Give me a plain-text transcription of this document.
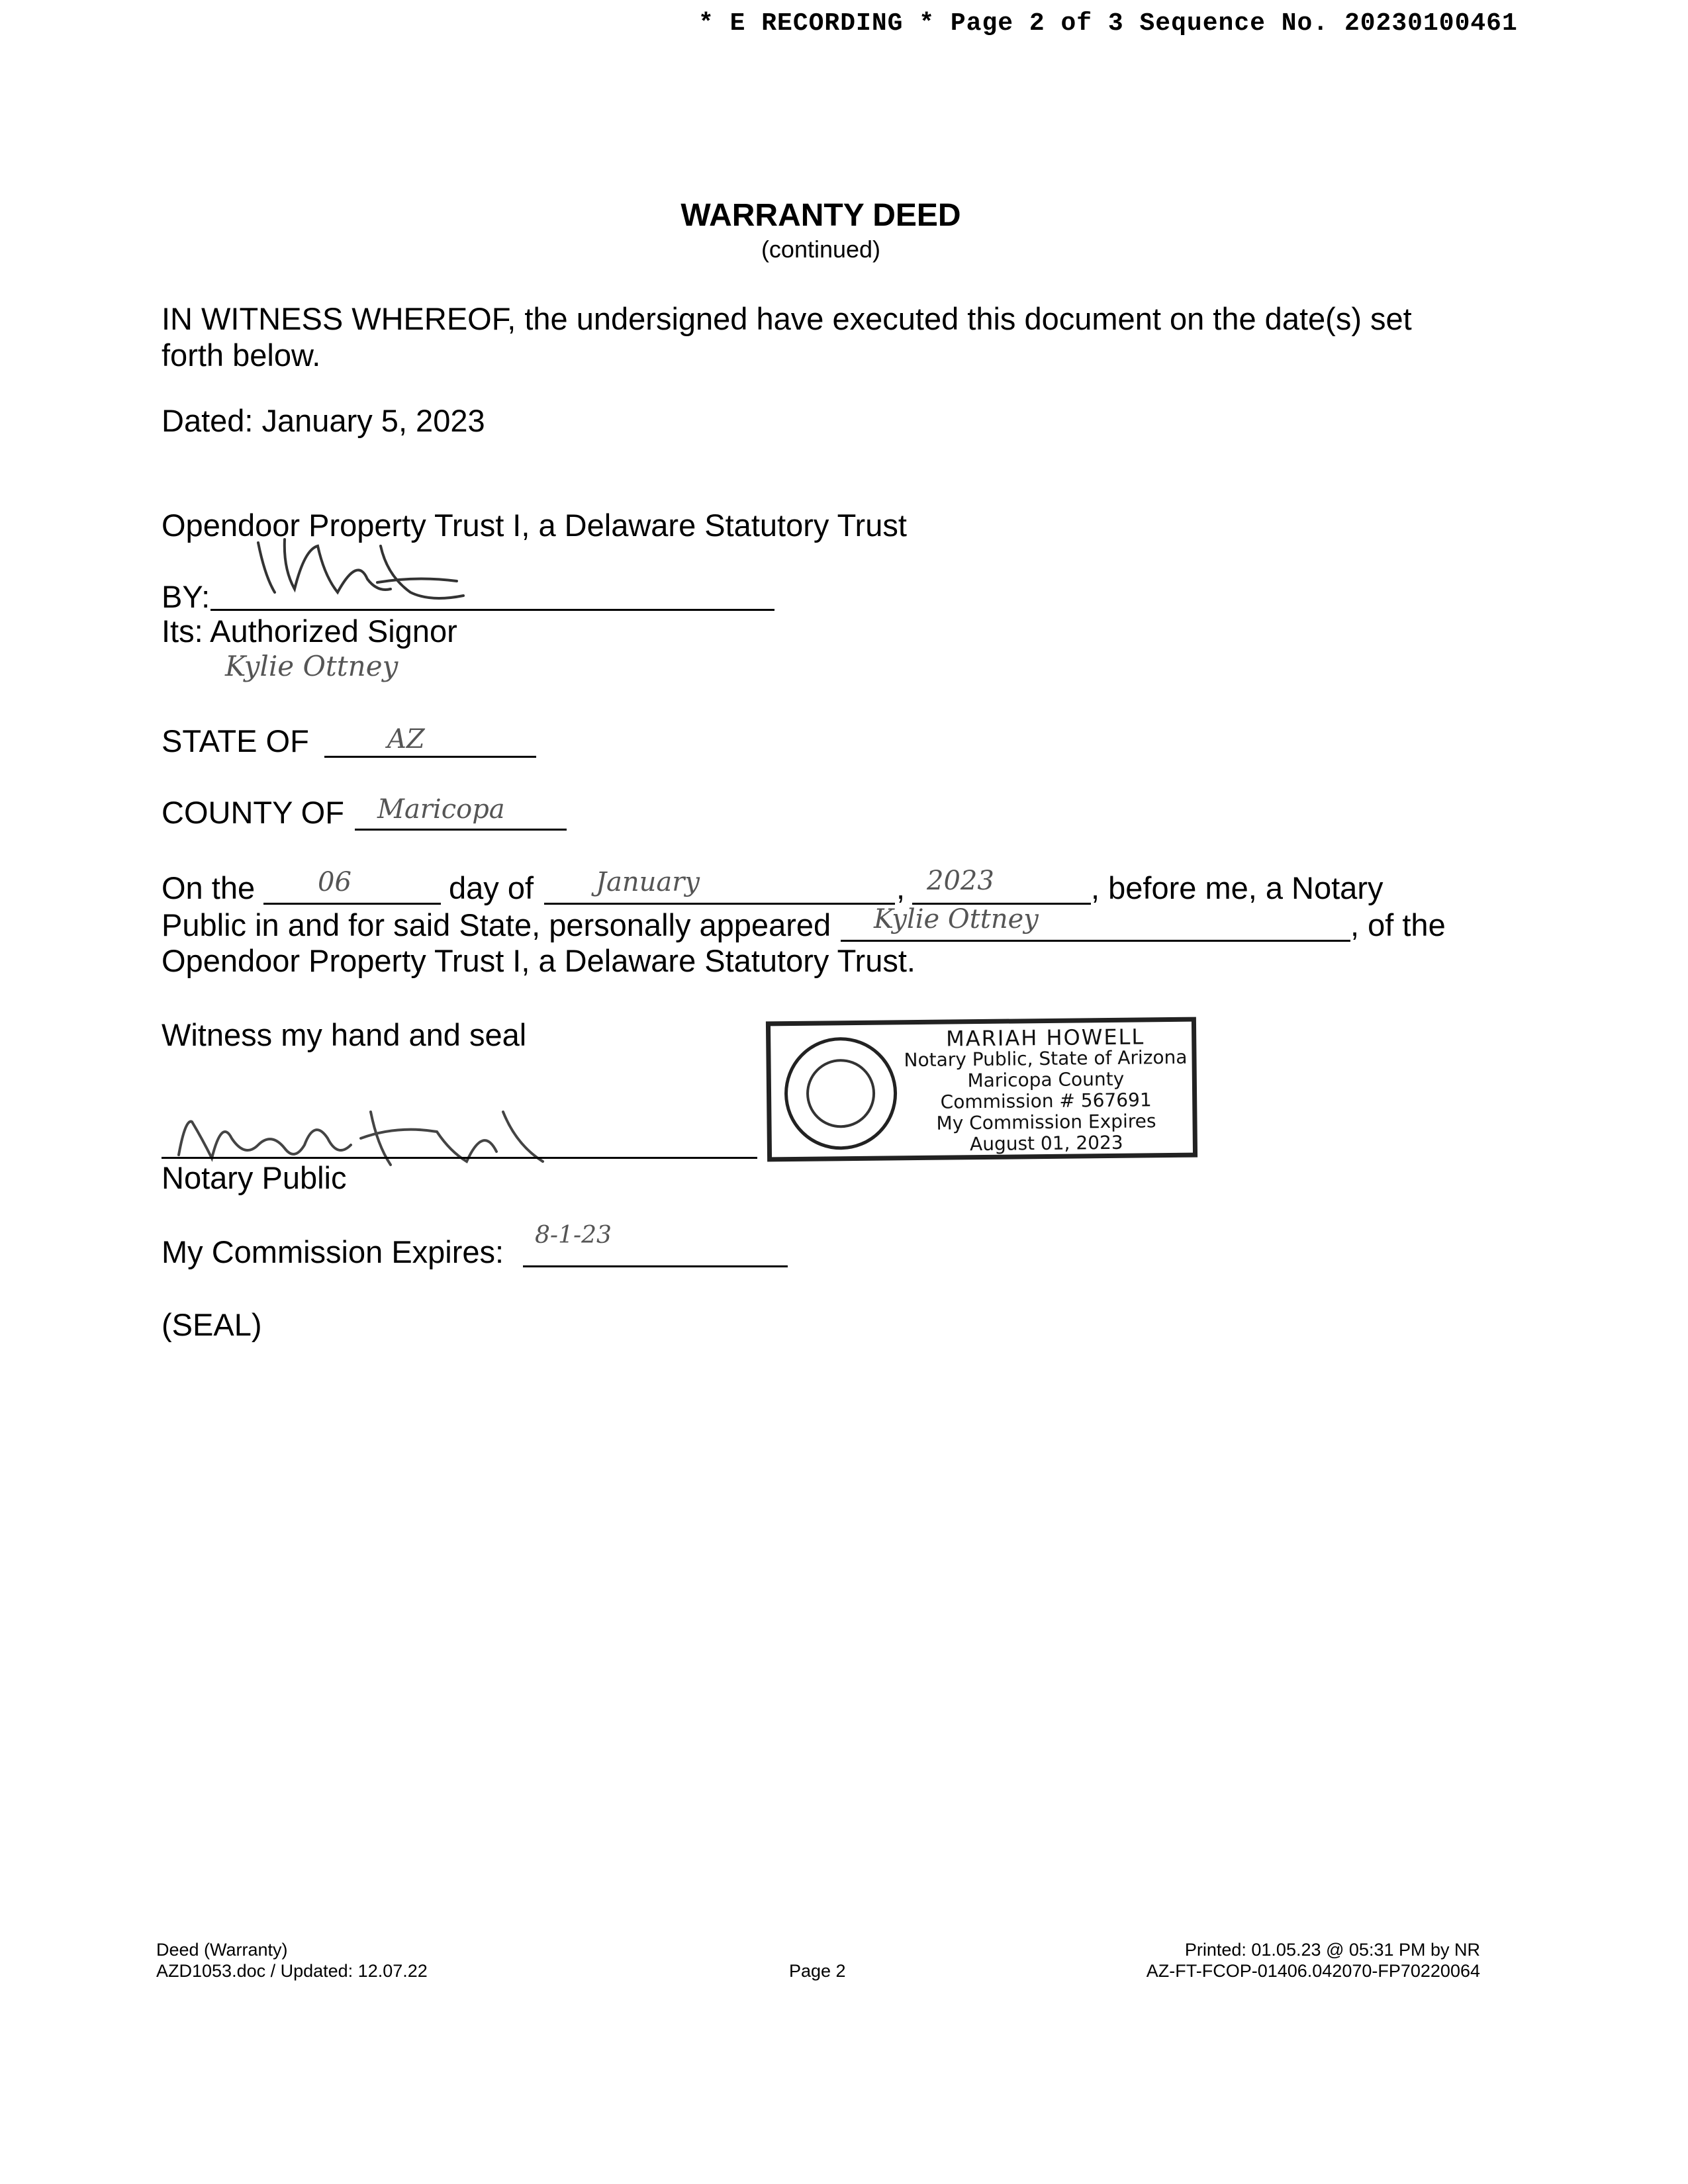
* E RECORDING * Page 2 of 3 Sequence No. 20230100461
WARRANTY DEED
(continued)
IN WITNESS WHEREOF, the undersigned have executed this document on the date(s) set
forth below.
Dated: January 5, 2023
Opendoor Property Trust I, a Delaware Statutory Trust
BY:
Its: Authorized Signor
Kylie Ottney
STATE OF	AZ
COUNTY OF Maricopa
On the 06	day of January	, 2023	, before me, a Notary
Public in and for said State, personally appeared Kylie Ottney	, of the
Opendoor Property Trust I, a Delaware Statutory Trust.
Witness my hand and seal
Notary Public
MARIAH HOWELL
Notary Public, State of Arizona
Maricopa County
Commission # 567691
My Commission Expires
August 01, 2023
My Commission Expires: 8-1-23
(SEAL)
Deed (Warranty)
AZD1053.doc / Updated: 12.07.22	Page 2
Printed: 01.05.23 @ 05:31 PM by NR
AZ-FT-FCOP-01406.042070-FP70220064
